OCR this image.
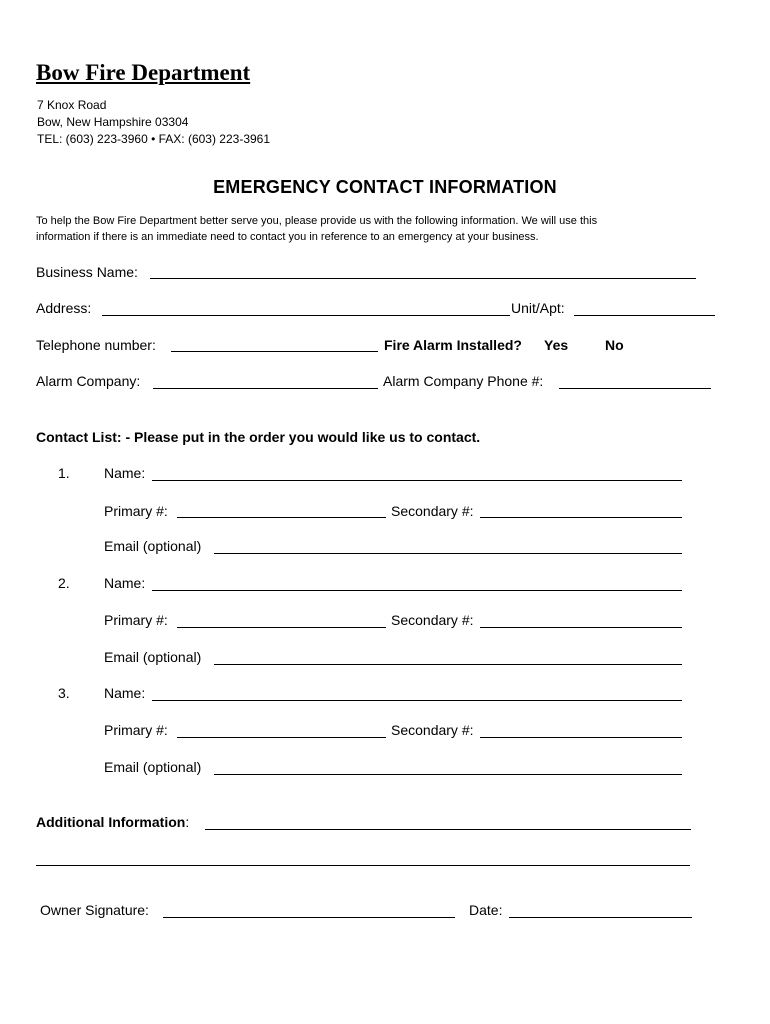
Bow Fire Department
7 Knox Road
Bow, New Hampshire 03304
TEL: (603) 223-3960 • FAX: (603) 223-3961
EMERGENCY CONTACT INFORMATION
To help the Bow Fire Department better serve you, please provide us with the following information. We will use this
information if there is an immediate need to contact you in reference to an emergency at your business.
Business Name:
Address:	Unit/Apt:
Telephone number:	Fire Alarm Installed? Yes	No
Alarm Company:	Alarm Company Phone #:
Contact List: - Please put in the order you would like us to contact.
1. Name:
Primary #:	Secondary #:
Email (optional)
2. Name:
Primary #:	Secondary #:
Email (optional)
3. Name:
Primary #:	Secondary #:
Email (optional)
Additional Information:
Owner Signature:	Date:
